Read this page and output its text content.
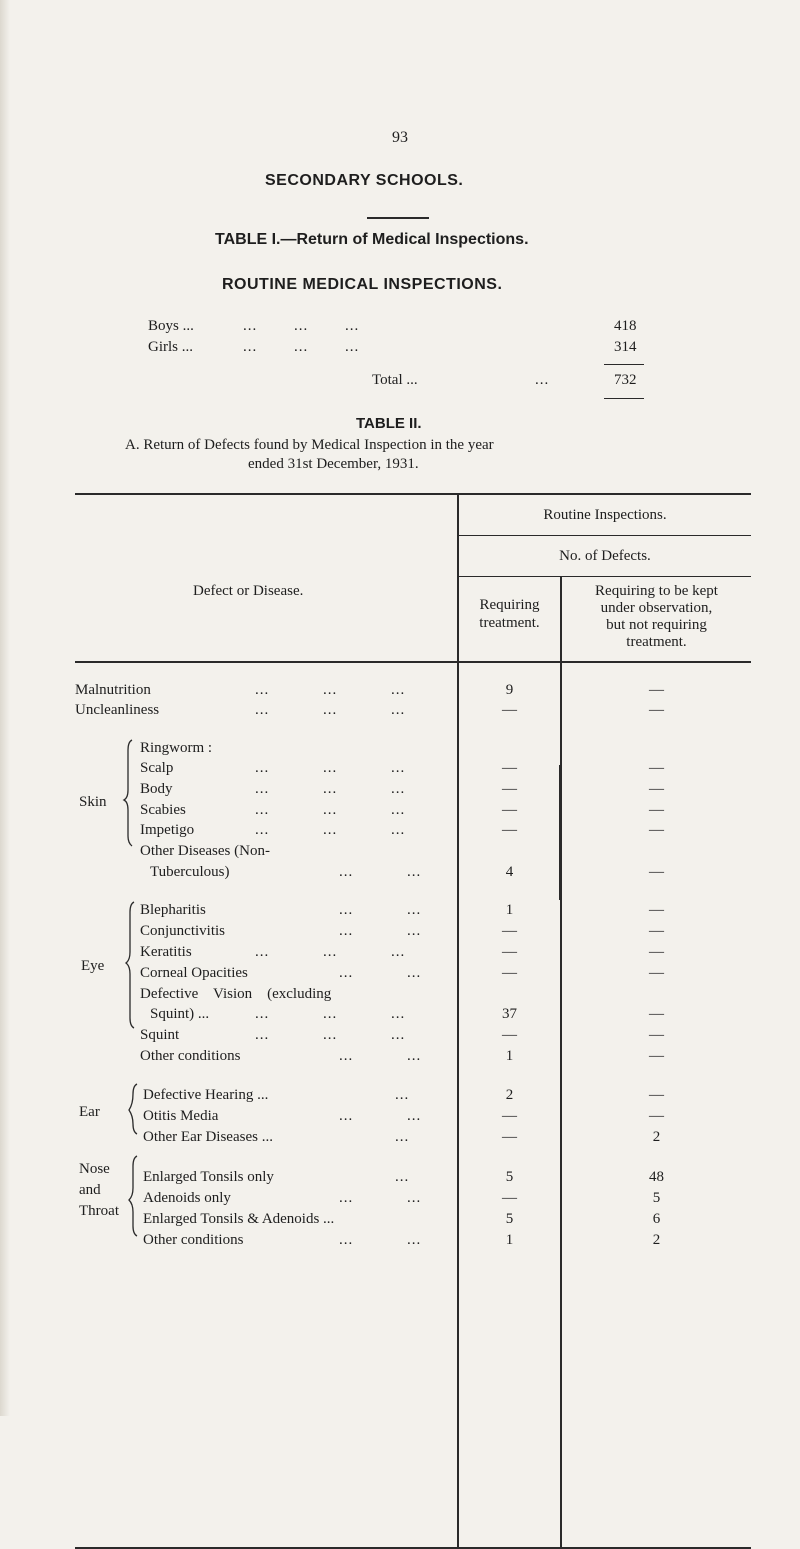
93
SECONDARY SCHOOLS.
TABLE I.—Return of Medical Inspections.
ROUTINE MEDICAL INSPECTIONS.
Boys ...	... ... ...	418
Girls ...	... ... ...	314
Total ...	...	732
TABLE II.
A. Return of Defects found by Medical Inspection in the year
ended 31st December, 1931.
Defect or Disease.
Routine Inspections.
No. of Defects.
Requiring
treatment.
Requiring to be kept
under observation,
but not requiring
treatment.
Skin
Eye
Ear
Nose
and
Throat
Malnutrition	...     ...     ...	9	—
Uncleanliness	...     ...     ...	—	—
Ringworm :
Scalp	...     ...     ...	—	—
Body	...     ...     ...	—	—
Scabies	...     ...     ...	—	—
Impetigo	...     ...     ...	—	—
Other Diseases (Non-
Tuberculous)	...     ...	4	—
Blepharitis	...     ...	1	—
Conjunctivitis	...     ...	—	—
Keratitis	...     ...     ...	—	—
Corneal Opacities	...     ...	—	—
Defective    Vision    (excluding
Squint) ...	...     ...     ...	37	—
Squint	...     ...     ...	—	—
Other conditions	...     ...	1	—
Defective Hearing ...	...	2	—
Otitis Media	...     ...	—	—
Other Ear Diseases ...	...	—	2
Enlarged Tonsils only	...	5	48
Adenoids only	...     ...	—	5
Enlarged Tonsils & Adenoids ...	5	6
Other conditions	...     ...	1	2
